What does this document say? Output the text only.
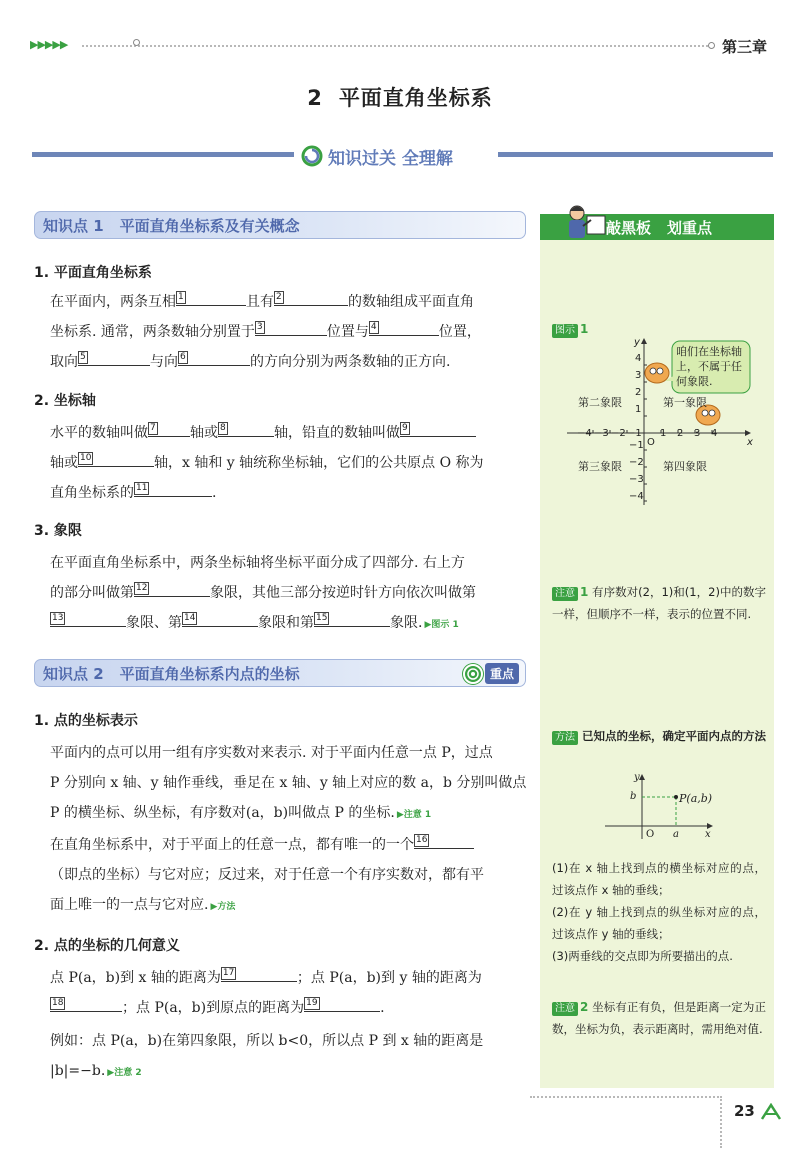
▶▶▶▶▶	第三章
2 平面直角坐标系
知识过关 全理解
知识点 1 平面直角坐标系及有关概念
1. 平面直角坐标系
在平面内，两条互相 1	且有 2	的数轴组成平面直角
坐标系. 通常，两条数轴分别置于 3	位置与 4	位置，
取向 5	与向 6	的方向分别为两条数轴的正方向.
2. 坐标轴
水平的数轴叫做 7 轴或 8	轴，铅直的数轴叫做 9

轴或 10	轴，x 轴和 y 轴统称坐标轴，它们的公共原点 O 称为
直角坐标系的 11	.
3. 象限
在平面直角坐标系中，两条坐标轴将坐标平面分成了四部分. 右上方
的部分叫做第 12	象限，其他三部分按逆时针方向依次叫做第

13	象限、第 14	象限和第 15	象限. ▶图示 1
知识点 2 平面直角坐标系内点的坐标	重点
1. 点的坐标表示
平面内的点可以用一组有序实数对来表示. 对于平面内任意一点 P，过点
P 分别向 x 轴、y 轴作垂线，垂足在 x 轴、y 轴上对应的数 a，b 分别叫做点
P 的横坐标、纵坐标，有序数对(a，b)叫做点 P 的坐标. ▶注意 1
在直角坐标系中，对于平面上的任意一点，都有唯一的一个 16

（即点的坐标）与它对应；反过来，对于任意一个有序实数对，都有平
面上唯一的一点与它对应. ▶方法
2. 点的坐标的几何意义
点 P(a，b)到 x 轴的距离为 17	；点 P(a，b)到 y 轴的距离为

18	；点 P(a，b)到原点的距离为 19	.
例如：点 P(a，b)在第四象限，所以 b<0，所以点 P 到 x 轴的距离是
|b|=−b. ▶注意 2
敲黑板 划重点
图示 1
x
y
O
−4 −3 −2 −1 1 2 3 4
4
3
2
1
−1
−2
−3
−4
咱们在坐标轴上，不属于任何象限.
第二象限	第一象限
第三象限	第四象限
注意 1 有序数对(2，1)和(1，2)中的数字一样，但顺序不一样，表示的位置不同.
方法 已知点的坐标，确定平面内点的方法
y
x
b
a
O
P(a,b)
(1)在 x 轴上找到点的横坐标对应的点，过该点作 x 轴的垂线；
(2)在 y 轴上找到点的纵坐标对应的点，过该点作 y 轴的垂线；
(3)两垂线的交点即为所要描出的点.
注意 2 坐标有正有负，但是距离一定为正数，坐标为负，表示距离时，需用绝对值.
23
